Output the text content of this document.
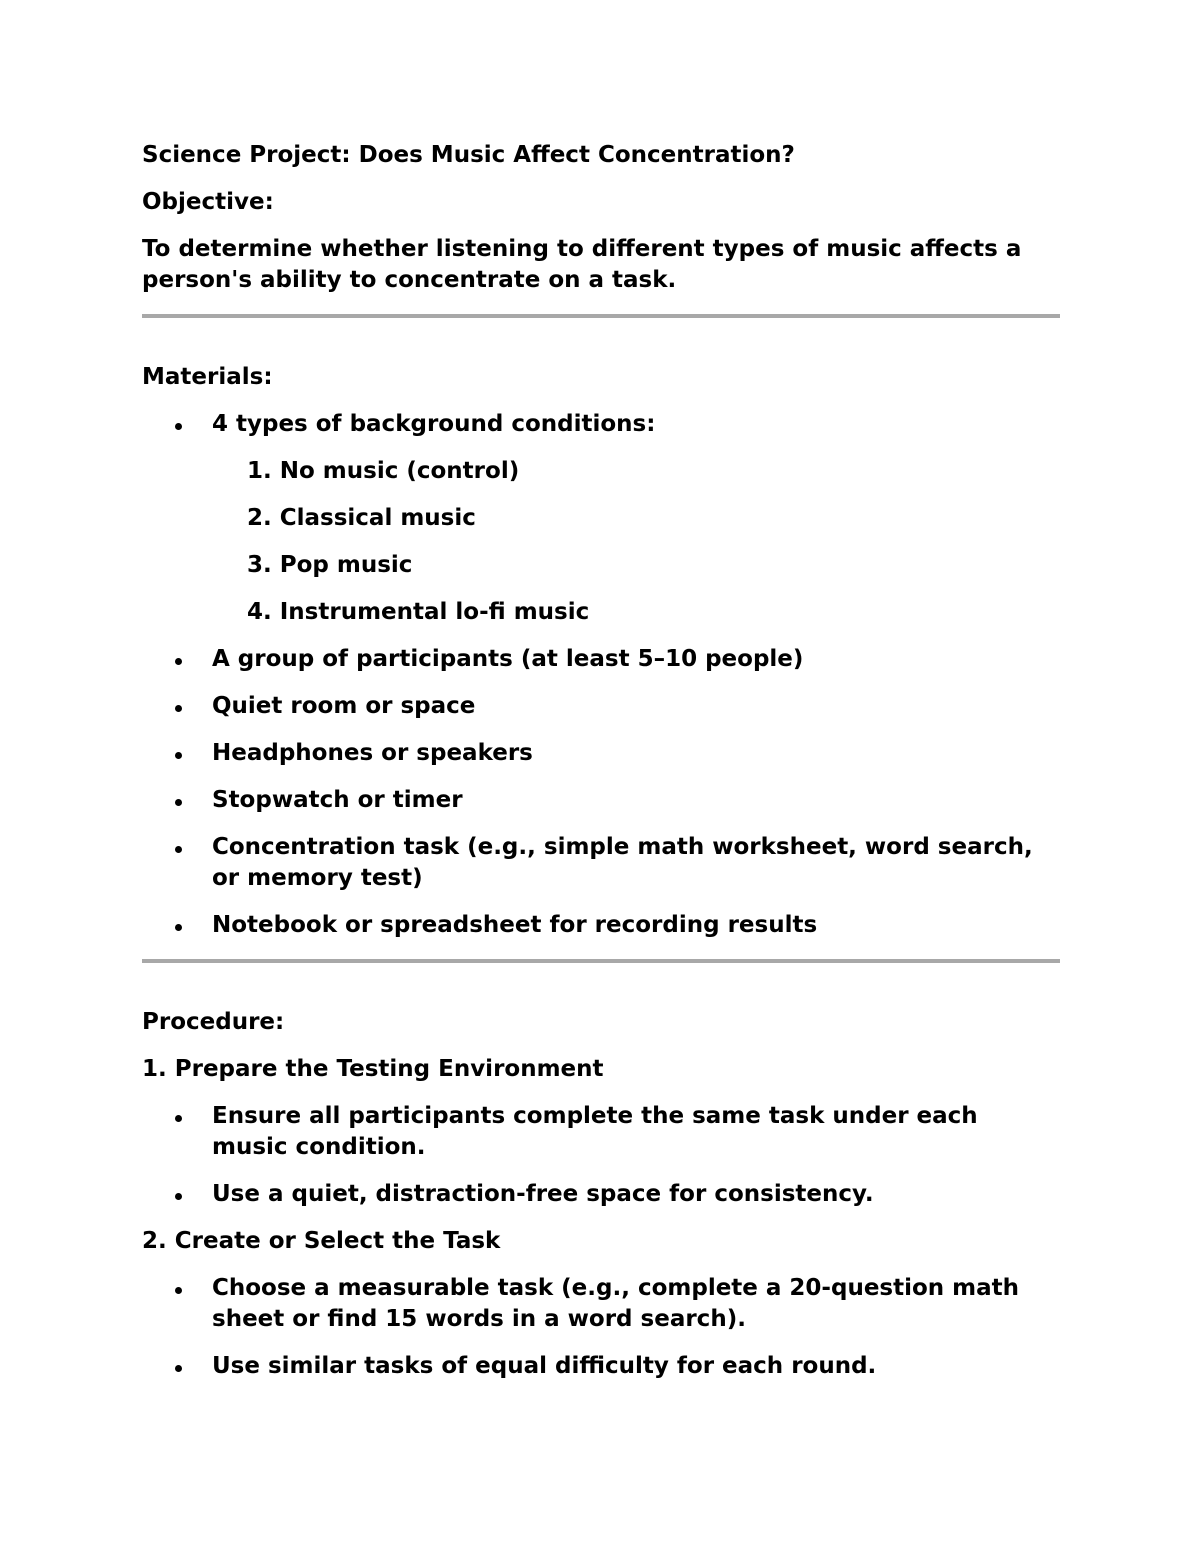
Science Project: Does Music Affect Concentration?

Objective:

To determine whether listening to different types of music affects a person's ability to concentrate on a task.

Materials:

4 types of background conditions:
1. No music (control)
2. Classical music
3. Pop music
4. Instrumental lo-fi music
A group of participants (at least 5–10 people)
Quiet room or space
Headphones or speakers
Stopwatch or timer
Concentration task (e.g., simple math worksheet, word search, or memory test)
Notebook or spreadsheet for recording results

Procedure:

1. Prepare the Testing Environment

Ensure all participants complete the same task under each music condition.
Use a quiet, distraction-free space for consistency.

2. Create or Select the Task

Choose a measurable task (e.g., complete a 20-question math sheet or find 15 words in a word search).
Use similar tasks of equal difficulty for each round.
